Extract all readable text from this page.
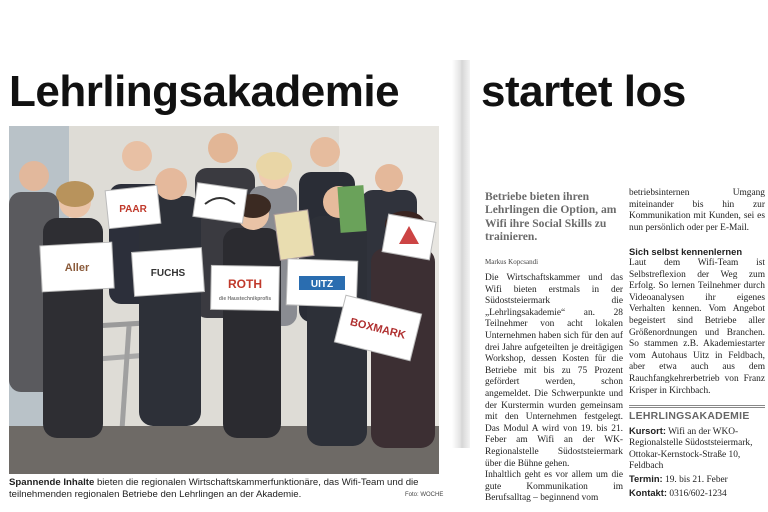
Lehrlingsakademie startet los
Aller
PAAR
FUCHS
ROTH
die Haustechnikprofis
UITZ
BOXMARK
Spannende Inhalte bieten die regionalen Wirtschaftskammerfunktionäre, das Wifi-Team und die teilnehmenden regionalen Betriebe den Lehrlingen an der Akademie.	Foto: WOCHE
Betriebe bieten ihren Lehrlingen die Option, am Wifi ihre Social Skills zu trainieren.
Markus Kopcsandi
Die Wirtschaftskammer und das Wifi bieten erstmals in der Südoststeiermark die „Lehrlingsakademie“ an. 28 Teilnehmer von acht lokalen Unternehmen haben sich für den auf drei Jahre aufgeteilten je dreitägigen Workshop, dessen Kosten für die Betriebe mit bis zu 75 Prozent gefördert werden, schon angemeldet. Die Schwerpunkte und der Kurstermin wurden gemeinsam mit den Unternehmen festgelegt. Das Modul A wird von 19. bis 21. Feber am Wifi an der WK-Regionalstelle Südoststeiermark über die Bühne gehen.
Inhaltlich geht es vor allem um die gute Kommunikation im Berufsalltag – beginnend vom
betriebsinternen Umgang miteinander bis hin zur Kommunikation mit Kunden, sei es nun persönlich oder per E-Mail.
Sich selbst kennenlernen
Laut dem Wifi-Team ist Selbstreflexion der Weg zum Erfolg. So lernen Teilnehmer durch Videoanalysen ihr eigenes Verhalten kennen. Vom Angebot begeistert sind Betriebe aller Größenordnungen und Branchen. So stammen z.B. Akademiestarter vom Autohaus Uitz in Feldbach, aber etwa auch aus dem Rauchfangkehrerbetrieb von Franz Krisper in Kirchbach.
LEHRLINGSAKADEMIE
Kursort: Wifi an der WKO-Regionalstelle Südoststeiermark, Ottokar-Kernstock-Straße 10, Feldbach
Termin: 19. bis 21. Feber
Kontakt: 0316/602-1234
